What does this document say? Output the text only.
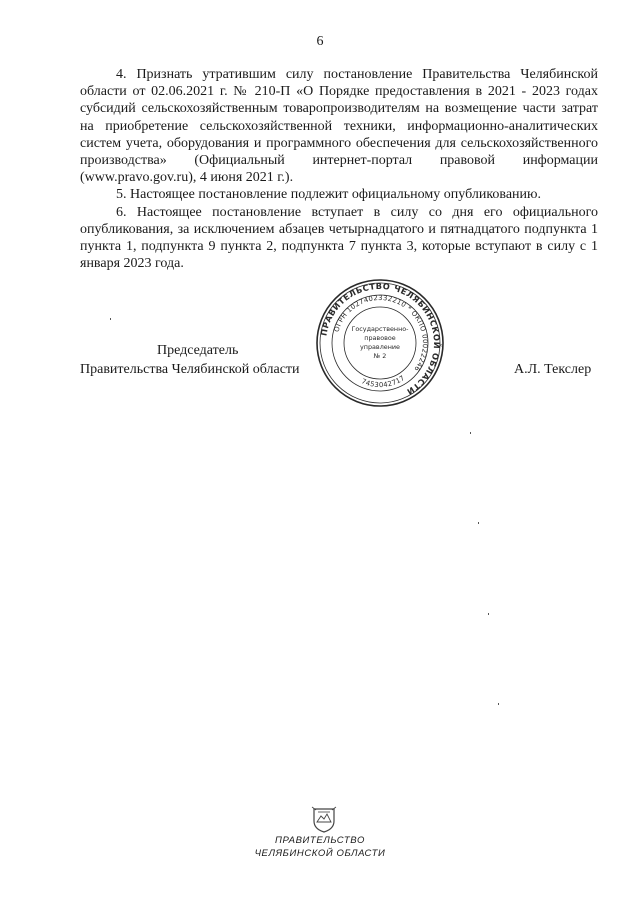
6

4. Признать утратившим силу постановление Правительства Челябинской области от 02.06.2021 г. № 210-П «О Порядке предоставления в 2021 - 2023 годах субсидий сельскохозяйственным товаропроизводителям на возмещение части затрат на приобретение сельскохозяйственной техники, информационно-аналитических систем учета, оборудования и программного обеспечения для сельскохозяйственного производства» (Официальный интернет-портал правовой информации (www.pravo.gov.ru), 4 июня 2021 г.).

5. Настоящее постановление подлежит официальному опубликованию.

6. Настоящее постановление вступает в силу со дня его официального опубликования, за исключением абзацев четырнадцатого и пятнадцатого подпункта 1 пункта 1, подпункта 9 пункта 2, подпункта 7 пункта 3, которые вступают в силу с 1 января 2023 года.

Председатель
Правительства Челябинской области	А.Л. Текслер
ПРАВИТЕЛЬСТВО ЧЕЛЯБИНСКОЙ ОБЛАСТИ
ОГРН 1027402332210 * ОКПО 00022246
7453042717
Государственно-
правовое
управление
№ 2
ПРАВИТЕЛЬСТВО
ЧЕЛЯБИНСКОЙ ОБЛАСТИ
